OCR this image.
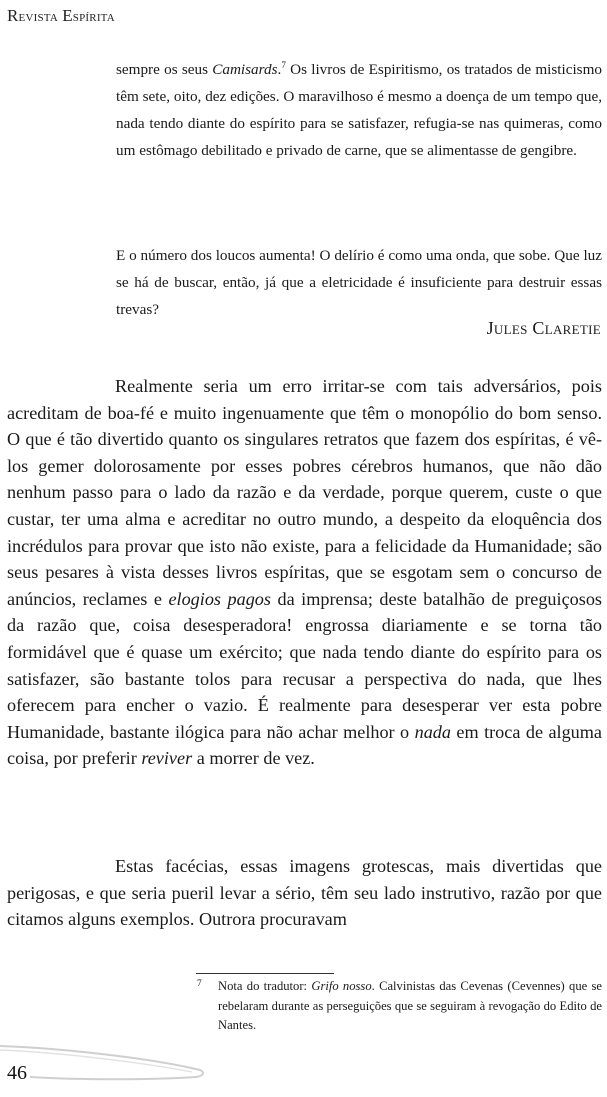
Revista Espírita
sempre os seus Camisards.$^7$ Os livros de Espiritismo, os tratados de misticismo têm sete, oito, dez edições. O maravilhoso é mesmo a doença de um tempo que, nada tendo diante do espírito para se satisfazer, refugia-se nas quimeras, como um estômago debilitado e privado de carne, que se alimentasse de gengibre.
E o número dos loucos aumenta! O delírio é como uma onda, que sobe. Que luz se há de buscar, então, já que a eletricidade é insuficiente para destruir essas trevas?
Jules Claretie
Realmente seria um erro irritar-se com tais adversários, pois acreditam de boa-fé e muito ingenuamente que têm o monopólio do bom senso. O que é tão divertido quanto os singulares retratos que fazem dos espíritas, é vê-los gemer dolorosamente por esses pobres cérebros humanos, que não dão nenhum passo para o lado da razão e da verdade, porque querem, custe o que custar, ter uma alma e acreditar no outro mundo, a despeito da eloquência dos incrédulos para provar que isto não existe, para a felicidade da Humanidade; são seus pesares à vista desses livros espíritas, que se esgotam sem o concurso de anúncios, reclames e elogios pagos da imprensa; deste batalhão de preguiçosos da razão que, coisa desesperadora! engrossa diariamente e se torna tão formidável que é quase um exército; que nada tendo diante do espírito para os satisfazer, são bastante tolos para recusar a perspectiva do nada, que lhes oferecem para encher o vazio. É realmente para desesperar ver esta pobre Humanidade, bastante ilógica para não achar melhor o nada em troca de alguma coisa, por preferir reviver a morrer de vez.
Estas facécias, essas imagens grotescas, mais divertidas que perigosas, e que seria pueril levar a sério, têm seu lado instrutivo, razão por que citamos alguns exemplos. Outrora procuravam
7 Nota do tradutor: Grifo nosso. Calvinistas das Cevenas (Cevennes) que se rebelaram durante as perseguições que se seguiram à revogação do Edito de Nantes.
46
